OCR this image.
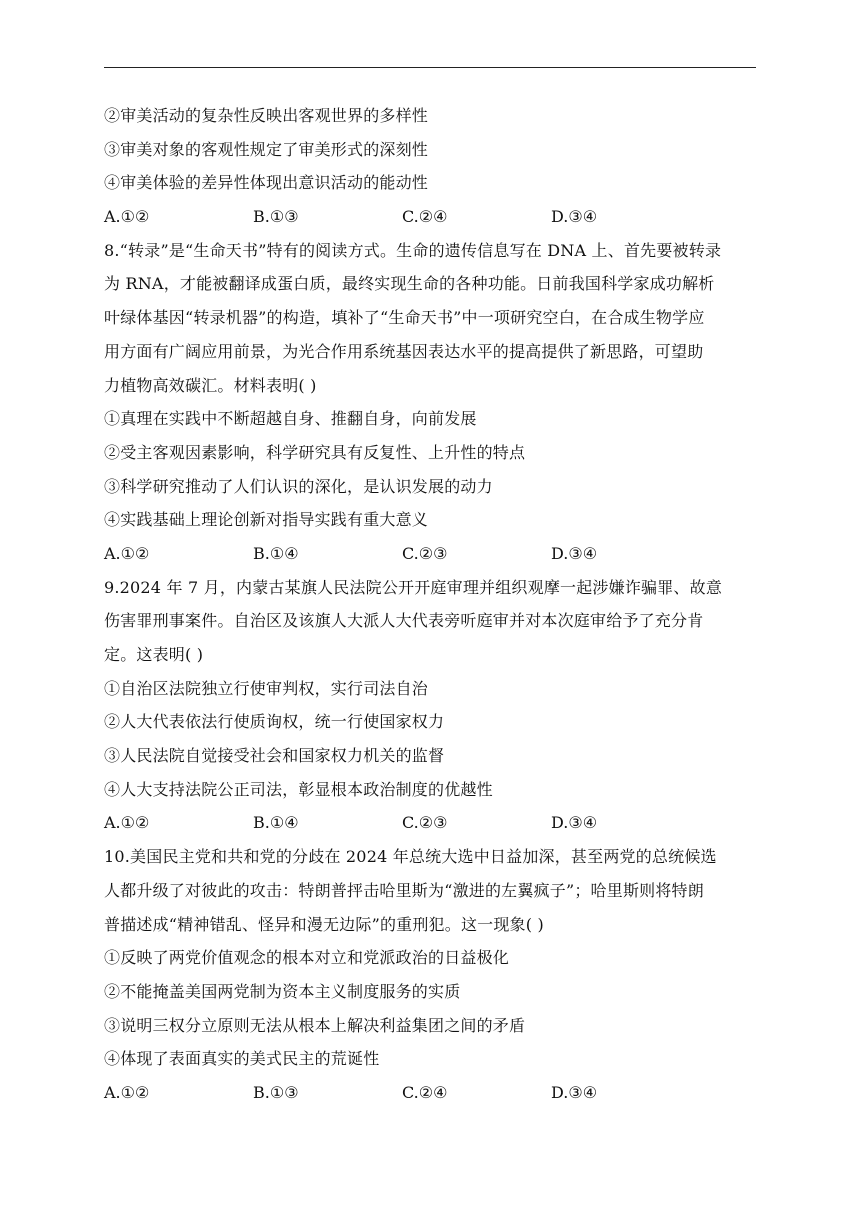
②审美活动的复杂性反映出客观世界的多样性
③审美对象的客观性规定了审美形式的深刻性
④审美体验的差异性体现出意识活动的能动性
A.①②	B.①③	C.②④	D.③④
8.“转录”是“生命天书”特有的阅读方式。生命的遗传信息写在 DNA 上、首先要被转录
为 RNA，才能被翻译成蛋白质，最终实现生命的各种功能。日前我国科学家成功解析
叶绿体基因“转录机器”的构造，填补了“生命天书”中一项研究空白，在合成生物学应
用方面有广阔应用前景，为光合作用系统基因表达水平的提高提供了新思路，可望助
力植物高效碳汇。材料表明( )
①真理在实践中不断超越自身、推翻自身，向前发展
②受主客观因素影响，科学研究具有反复性、上升性的特点
③科学研究推动了人们认识的深化，是认识发展的动力
④实践基础上理论创新对指导实践有重大意义
A.①②	B.①④	C.②③	D.③④
9.2024 年 7 月，内蒙古某旗人民法院公开开庭审理并组织观摩一起涉嫌诈骗罪、故意
伤害罪刑事案件。自治区及该旗人大派人大代表旁听庭审并对本次庭审给予了充分肯
定。这表明( )
①自治区法院独立行使审判权，实行司法自治
②人大代表依法行使质询权，统一行使国家权力
③人民法院自觉接受社会和国家权力机关的监督
④人大支持法院公正司法，彰显根本政治制度的优越性
A.①②	B.①④	C.②③	D.③④
10.美国民主党和共和党的分歧在 2024 年总统大选中日益加深，甚至两党的总统候选
人都升级了对彼此的攻击：特朗普抨击哈里斯为“激进的左翼疯子”；哈里斯则将特朗
普描述成“精神错乱、怪异和漫无边际”的重刑犯。这一现象( )
①反映了两党价值观念的根本对立和党派政治的日益极化
②不能掩盖美国两党制为资本主义制度服务的实质
③说明三权分立原则无法从根本上解决利益集团之间的矛盾
④体现了表面真实的美式民主的荒诞性
A.①②	B.①③	C.②④	D.③④
